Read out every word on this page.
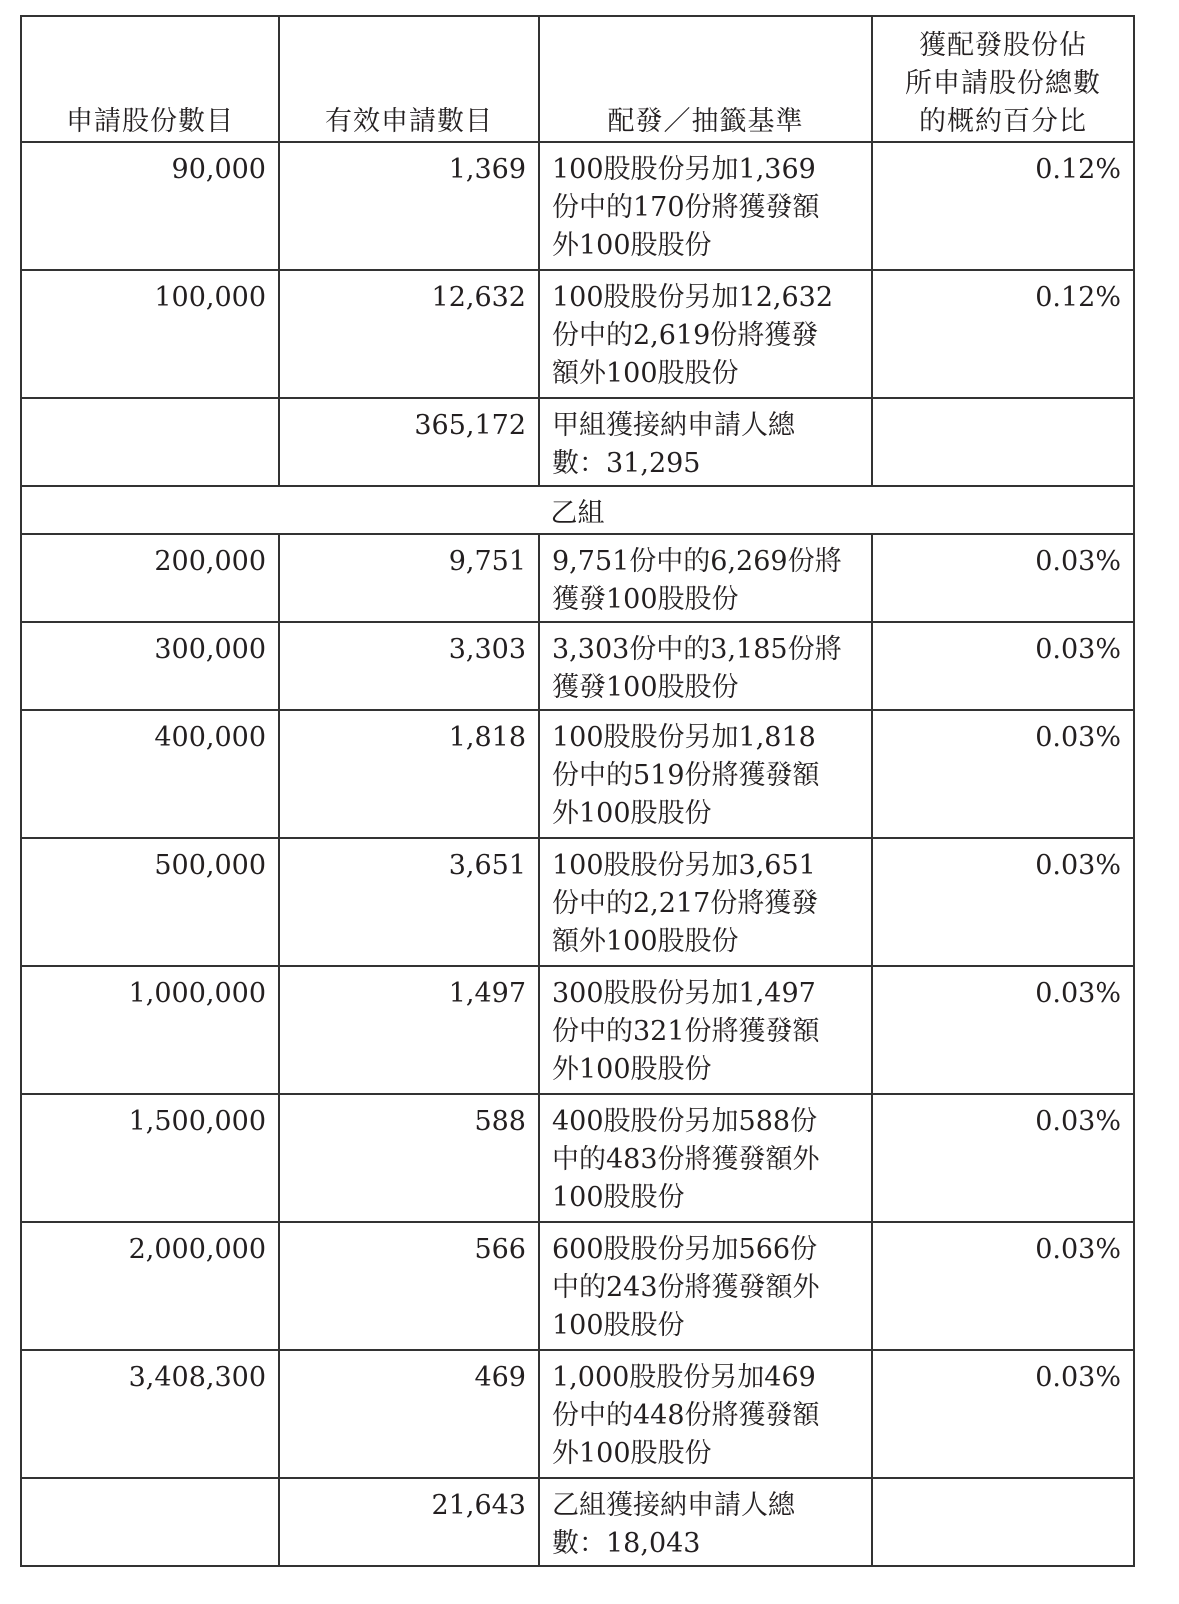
申請股份數目	有效申請數目	配發／抽籤基準	獲配發股份佔
所申請股份總數
的概約百分比

90,000	1,369	100股股份另加1,369
份中的170份將獲發額
外100股股份	0.12%
100,000	12,632	100股股份另加12,632
份中的2,619份將獲發
額外100股股份	0.12%
	365,172	甲組獲接納申請人總
數：31,295	

乙組			
200,000	9,751	9,751份中的6,269份將
獲發100股股份	0.03%
300,000	3,303	3,303份中的3,185份將
獲發100股股份	0.03%
400,000	1,818	100股股份另加1,818
份中的519份將獲發額
外100股股份	0.03%
500,000	3,651	100股股份另加3,651
份中的2,217份將獲發
額外100股股份	0.03%
1,000,000	1,497	300股股份另加1,497
份中的321份將獲發額
外100股股份	0.03%
1,500,000	588	400股股份另加588份
中的483份將獲發額外
100股股份	0.03%
2,000,000	566	600股股份另加566份
中的243份將獲發額外
100股股份	0.03%
3,408,300	469	1,000股股份另加469
份中的448份將獲發額
外100股股份	0.03%
	21,643	乙組獲接納申請人總
數：18,043	
